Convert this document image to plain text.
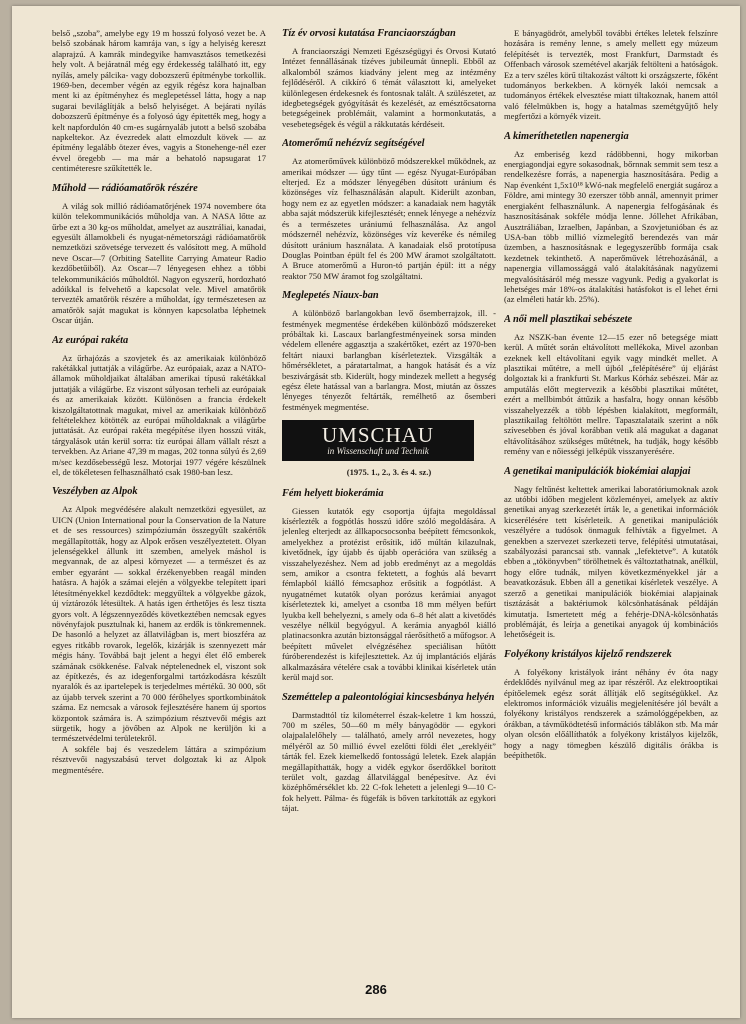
belső „szoba”, amelybe egy 19 m hosszú folyosó vezet be. A belső szobának három kamrája van, s így a helyiség kereszt alaprajzú. A kamrák mindegyike hamvasztásos temetkezési hely volt. A bejáratnál még egy érdekesség található itt, egy nyílás, amely pálcika- vagy dobozszerű építménybe torkollik. 1969-ben, december végén az egyik régész kora hajnalban ment ki az építményhez és meglepetéssel látta, hogy a nap sugarai beviláglítják a belső helyiséget. A bejárati nyílás dobozszerű építménye és a folyosó úgy épitették meg, hogy a kelt napfordulón 40 cm-es sugárnyaláb jutott a belső szobába napkeltekor. Az évezredek alatt elmozdult kövek — az építmény legalább ötezer éves, vagyis a Stonehenge-nél ezer évvel öregebb — ma már a behatoló napsugarat 17 centiméteresre szűkítették le.

Műhold — rádióamatőrök részére

A világ sok millió rádióamatőrjének 1974 novembere óta külön telekommunikációs műholdja van. A NASA lőtte az űrbe ezt a 30 kg-os műholdat, amelyet az ausztráliai, kanadai, egyesült államokbeli és nyugat-németországi rádióamatőrök nemzetközi szövetsége tervezett és valósított meg. A műhold neve Oscar—7 (Orbiting Satellite Carrying Amateur Radio kezdőbetűiből). Az Oscar—7 lényegesen ehhez a többi telekommunikációs műholdtól. Nagyon egyszerű, hordozható adóikkal is felvehető a kapcsolat vele. Mivel amatőrök tervezték amatőrök részére a műholdat, így természetesen az amatőrök saját magukat is könnyen kapcsolatba léphetnek Oscar útján.

Az európai rakéta

Az űrhajózás a szovjetek és az amerikaiak különböző rakétákkal juttatják a világűrbe. Az európaiak, azaz a NATO-államok műholdjaikat általában amerikai típusú rakétákkal juttatják a világűrbe. Ez viszont súlyosan terheli az európaiak és az amerikaiak között. Különösen a francia érdekelt kiszolgáltatottnak magukat, mivel az amerikaiak különböző feltételekhez kötötték az európai műholdaknak a világűrbe juttatását. Az európai rakéta megépítése ilyen hosszú viták, tárgyalások után kerül sorra: tíz európai állam vállalt részt a tervekben. Az Ariane 47,39 m magas, 202 tonna súlyú és 2,69 m/sec kezdősebességű lesz. Motorjai 1977 végére készülnek el, de tökéletesen felhasználható csak 1980-ban lesz.

Veszélyben az Alpok

Az Alpok megvédésére alakult nemzetközi egyesület, az UICN (Union International pour la Conservation de la Nature et de ses ressources) szimpóziumán összegyűlt szakértők megállapították, hogy az Alpok erősen veszélyeztetett. Olyan jelenségekkel állunk itt szemben, amelyek máshol is megvannak, de az alpesi környezet — a természet és az ember egyaránt — sokkal érzékenyebben reagál minden hatásra. A hajók a számai elején a völgyekbe telepített ipari létesítményekkel kezdődtek: meggyűltek a völgyekbe gázok, új víztározók létesültek. A hatás igen érthetőjes és lesz tiszta gyors volt. A légszennyeződés következtében nemcsak egyes növényfajok pusztulnak ki, hanem az erdők is tönkremennek. De hasonló a helyzet az állatvilágban is, mert bioszféra az egyes ritkább rovarok, legelők, kizárják is szennyezett már mégis hány. Továbbá bajt jelent a hegyi élet élő emberek számának csökkenése. Falvak néptelenednek el, viszont sok az építkezés, és az idegenforgalmi tartózkodásra készült nyaralók és az ipartelepek is terjedelmes mértékű. 30 000, sőt az újabb tervek szerint a 70 000 férőhelyes sportkombinátok száma. Ez nemcsak a városok fejlesztésére hanem új sportos központok számára is. A szimpózium résztvevői mégis azt sürgetik, hogy a jövőben az Alpok ne kerüljön ki a természetvédelmi területekről.

A sokféle baj és veszedelem láttára a szimpózium résztvevői nagyszabású tervet dolgoztak ki az Alpok megmentésére.

Tíz év orvosi kutatása Franciaországban

A franciaországi Nemzeti Egészségügyi és Orvosi Kutató Intézet fennállásának tízéves jubileumát ünnepli. Ebből az alkalomból számos kiadvány jelent meg az intézmény fejlődéséről. A cikkíró 6 témát választott ki, amelyeket különlegesen érdekesnek és fontosnak talált. A szülészetet, az idegbetegségek gyógyítását és kezelését, az emésztőcsatorna betegségeinek problémáit, valamint a hormonkutatás, a vesebetegségek és végül a rákkutatás kérdéseit.

Atomerőmű nehézvíz segítségével

Az atomerőművek különböző módszerekkel működnek, az amerikai módszer — úgy tűnt — egész Nyugat-Európában elterjed. Ez a módszer lényegében dúsított uránium és közönséges víz felhasználásán alapult. Kiderült azonban, hogy nem ez az egyetlen módszer: a kanadaiak nem hagyták abba saját módszerük kifejlesztését; ennek lényege a nehézvíz és a természetes urániumú felhasználása. Az angol módszernél nehézvíz, közönséges víz keveréke és némileg dúsított uránium használata. A kanadaiak első prototípusa Douglas Pointban épült fel és 200 MW áramot szolgáltatott. A Bruce atomerőmű a Huron-tó partján épül: itt a négy reaktor 750 MW áramot fog szolgáltatni.

Meglepetés Niaux-ban

A különböző barlangokban levő ősemberrajzok, ill. -festmények megmentése érdekében különböző módszereket próbáltak ki. Lascaux barlangfestményeinek sorsa minden védelem ellenére aggasztja a szakértőket, ezért az 1970-ben feltárt niauxi barlangban kísérleteztek. Vizsgálták a hőmérsékletet, a páratartalmat, a hangok hatását és a víz beszivárgását stb. Kiderült, hogy mindezek mellett a hegység egész élete hatással van a barlangra. Most, miután az összes lényeges tényezőt feltárták, remélhető az ősemberi festmények megmentése.

UMSCHAU
in Wissenschaft und Technik
(1975. 1., 2., 3. és 4. sz.)
Fém helyett biokerámia

Giessen kutatók egy csoportja újfajta megoldással kísérlezték a fogpótlás hosszú időre szóló megoldására. A jelenleg elterjedt az állkapocsocsonba beépített fémcsonkok, amelyekhez a protézist erősítik, idő múltán kilazulnak, kivetődnek, így újabb és újabb operációra van szükség a visszahelyezéshez. Nem ad jobb eredményt az a megoldás sem, amikor a csontra fektetett, a foghús alá bevarrt fémlapból kiálló fémcsaphoz erősítik a fogpótlást. A nyugatnémet kutatók olyan porózus kerámiai anyagot kísérleteztek ki, amelyet a csontba 18 mm mélyen befúrt lyukba kell behelyezni, s amely oda 6–8 hét alatt a kivetődés veszélye nélkül begyógyul. A kerámia anyagból kiálló platinacsonkra azután biztonsággal ráerősíthető a műfogsor. A beépített művelet elvégzéséhez speciálisan hűtött fúróberendezést is kifejlesztettek. Az új implantációs eljárás alkalmazására vételére csak a további klinikai kísérletek után kerül majd sor.

Szeméttelep a paleontológiai kincsesbánya helyén

Darmstadttól tíz kilométerrel észak-keletre 1 km hosszú, 700 m széles, 50—60 m mély bányagödör — egykori olajpalalelőhely — található, amely arról nevezetes, hogy mélyéről az 50 millió évvel ezelőtti földi élet „ereklyéit” tárták fel. Ezek kiemelkedő fontosságú leletek. Ezek alapján megállapíthatták, hogy a vidék egykor őserdőkkel borított terület volt, gazdag állatvilággal benépesítve. Az évi középhőmérséklet kb. 22 C-fok lehetett a jelenlegi 9—10 C-fok helyett. Pálma- és fügefák is bőven tarkították az egykori tájat.

E bányagödröt, amelyből további értékes leletek felszínre hozására is remény lenne, s amely mellett egy múzeum felépítését is tervezték, most Frankfurt, Darmstadt és Offenbach városok szemétével akarják feltölteni a hatóságok. Ez a terv széles körű tiltakozást váltott ki országszerte, főként tudományos berkekben. A környék lakói nemcsak a tudományos értékek elvesztése miatt tiltakoznak, hanem attól való félelmükben is, hogy a hatalmas szemétgyűjtő hely megfertőzi a környék vizeit.

A kimeríthetetlen napenergia

Az emberiség kezd rádöbbenni, hogy mikorban energiagondjai egyre sokasodnak, bőrnnak semmit sem tesz a rendelkezésre forrás, a napenergia hasznosítására. Pedig a Nap évenként 1,5x10¹⁸ kWó-nak megfelelő energiát sugároz a Földre, ami mintegy 30 ezerszer több annál, amennyit primer energiaként felhasználunk. A napenergia felfogásának és hasznosításának sokféle módja lenne. Jóllehet Afrikában, Ausztráliában, Izraelben, Japánban, a Szovjetunióban és az USA-ban több millió vízmelegítő berendezés van már üzemben, a hasznosításnak e legegyszerűbb formája csak kezdetnek tekinthető. A naperőművek létrehozásánál, a napenergia villamossággá való átalakításának nagyüzemi megvalósításáról még messze vagyunk. Pedig a gyakorlat is lehetséges már 18%-os átalakítási hatásfokot is el lehet érni (az elméleti határ kb. 25%).

A női mell plasztikai sebészete

Az NSZK-ban évente 12—15 ezer nő betegsége miatt kerül. A műtét során eltávolított mellékoka, Mivel azonban ezeknek kell eltávolítani egyik vagy mindkét mellet. A plasztikai műtétre, a mell újból „felépítésére” új eljárást dolgoztak ki a frankfurti St. Markus Kórház sebészei. Már az amputálás előtt megtervezik a későbbi plasztikai műtétet, ezért a mellbimbót áttűzik a hasfalra, hogy onnan később visszahelyezzék a több lépésben kialakított, megformált, plasztikailag feltöltött mellre. Tapasztalataik szerint a nők szívesebben és jóval korábban vetik alá magukat a daganat eltávolításához szükséges műtétnek, ha tudják, hogy később remény van e nőiességi jelképük visszanyerésére.

A genetikai manipulációk biokémiai alapjai

Nagy feltűnést keltettek amerikai laboratóriumoknak azok az utóbbi időben megjelent közleményei, amelyek az aktív genetikai anyag szerkezetét írták le, a genetikai információk kicserélésére tett kísérleteik. A genetikai manipulációk veszélyére a tudósok önmaguk felhívták a figyelmet. A genekben a szervezet szerkezeti terve, felépítési utmutatásai, szabályozási parancsai stb. vannak „lefektetve”. A kutatók ebben a „tökönyvben” törölhetnek és változtathatnak, anélkül, hogy előre tudnák, milyen következményekkel jár a beavatkozásuk. Ebben áll a genetikai kísérletek veszélye. A szerző a genetikai manipulációk biokémiai alapjainak tisztázását a baktériumok kölcsönhatásának példáján kimutatja. Ismertetett még a fehérje-DNA-kölcsönhatás problémáját, és leírja a genetikai anyagok új kombinációs lehetőségeit is.

Folyékony kristályos kijelző rendszerek

A folyékony kristályok iránt néhány év óta nagy érdeklődés nyilvánul meg az ipar részéről. Az elektrooptikai építőelemek egész sorát állítják elő segítségükkel. Az elektromos információk vizuális megjelenítésére jól bevált a folyékony kristályos rendszerek a számológgépekben, az órákban, a távműködtetésű információs táblákon stb. Ma már olyan olcsón előállíthatók a folyékony kristályos kijelzők, hogy a nagy tömegben készülő digitális órákba is beépíthetők.

286
